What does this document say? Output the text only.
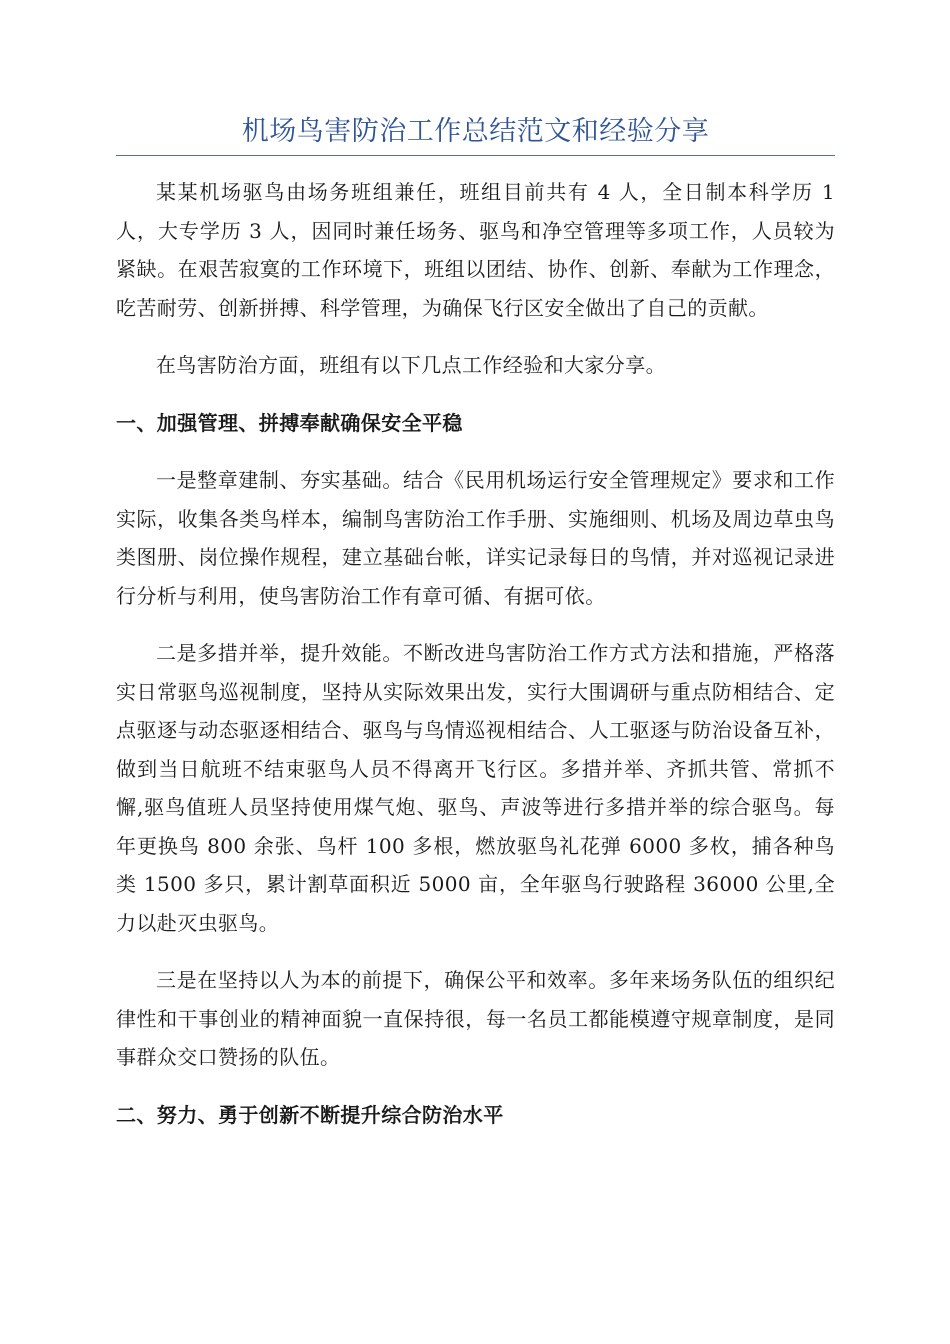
机场鸟害防治工作总结范文和经验分享

某某机场驱鸟由场务班组兼任，班组目前共有 4 人，全日制本科学历 1 人，大专学历 3 人，因同时兼任场务、驱鸟和净空管理等多项工作，人员较为紧缺。在艰苦寂寞的工作环境下，班组以团结、协作、创新、奉献为工作理念，吃苦耐劳、创新拼搏、科学管理，为确保飞行区安全做出了自己的贡献。

在鸟害防治方面，班组有以下几点工作经验和大家分享。

一、加强管理、拼搏奉献确保安全平稳

一是整章建制、夯实基础。结合《民用机场运行安全管理规定》要求和工作实际，收集各类鸟样本，编制鸟害防治工作手册、实施细则、机场及周边草虫鸟类图册、岗位操作规程，建立基础台帐，详实记录每日的鸟情，并对巡视记录进行分析与利用，使鸟害防治工作有章可循、有据可依。

二是多措并举，提升效能。不断改进鸟害防治工作方式方法和措施，严格落实日常驱鸟巡视制度，坚持从实际效果出发，实行大围调研与重点防相结合、定点驱逐与动态驱逐相结合、驱鸟与鸟情巡视相结合、人工驱逐与防治设备互补，做到当日航班不结束驱鸟人员不得离开飞行区。多措并举、齐抓共管、常抓不懈,驱鸟值班人员坚持使用煤气炮、驱鸟、声波等进行多措并举的综合驱鸟。每年更换鸟 800 余张、鸟杆 100 多根，燃放驱鸟礼花弹 6000 多枚，捕各种鸟类 1500 多只，累计割草面积近 5000 亩，全年驱鸟行驶路程 36000 公里,全力以赴灭虫驱鸟。

三是在坚持以人为本的前提下，确保公平和效率。多年来场务队伍的组织纪律性和干事创业的精神面貌一直保持很，每一名员工都能模遵守规章制度，是同事群众交口赞扬的队伍。

二、努力、勇于创新不断提升综合防治水平
